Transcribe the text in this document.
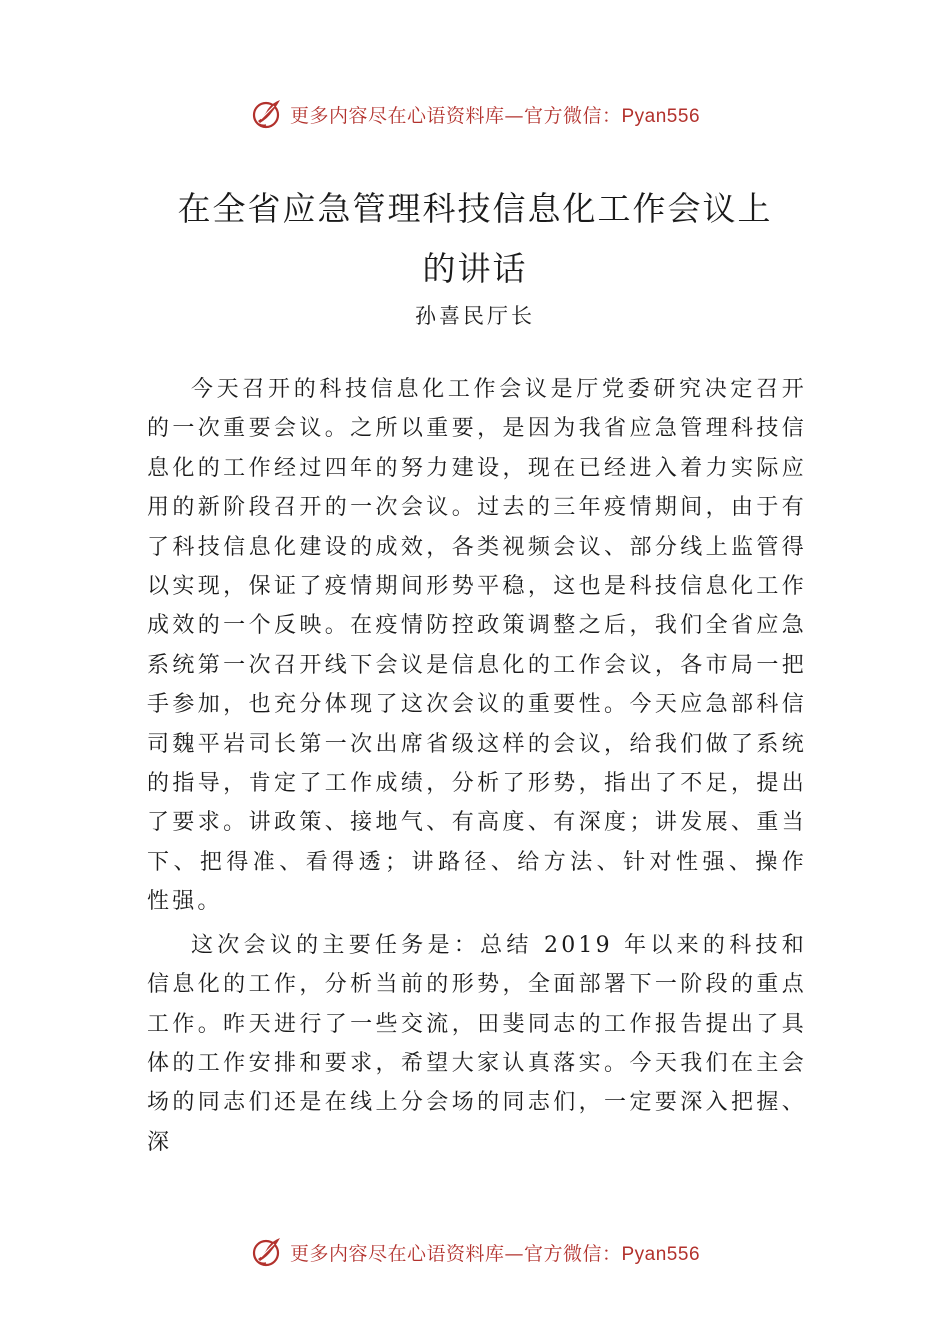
更多内容尽在心语资料库—官方微信：Pyan556
在全省应急管理科技信息化工作会议上
的讲话
孙喜民厅长

今天召开的科技信息化工作会议是厅党委研究决定召开的一次重要会议。之所以重要，是因为我省应急管理科技信息化的工作经过四年的努力建设，现在已经进入着力实际应用的新阶段召开的一次会议。过去的三年疫情期间，由于有了科技信息化建设的成效，各类视频会议、部分线上监管得以实现，保证了疫情期间形势平稳，这也是科技信息化工作成效的一个反映。在疫情防控政策调整之后，我们全省应急系统第一次召开线下会议是信息化的工作会议，各市局一把手参加，也充分体现了这次会议的重要性。今天应急部科信司魏平岩司长第一次出席省级这样的会议，给我们做了系统的指导，肯定了工作成绩，分析了形势，指出了不足，提出了要求。讲政策、接地气、有高度、有深度；讲发展、重当下、把得准、看得透；讲路径、给方法、针对性强、操作 性强。

这次会议的主要任务是：总结 2019 年以来的科技和信息化的工作，分析当前的形势，全面部署下一阶段的重点工作。昨天进行了一些交流，田斐同志的工作报告提出了具体的工作安排和要求，希望大家认真落实。今天我们在主会场的同志们还是在线上分会场的同志们，一定要深入把握、深

更多内容尽在心语资料库—官方微信：Pyan556
